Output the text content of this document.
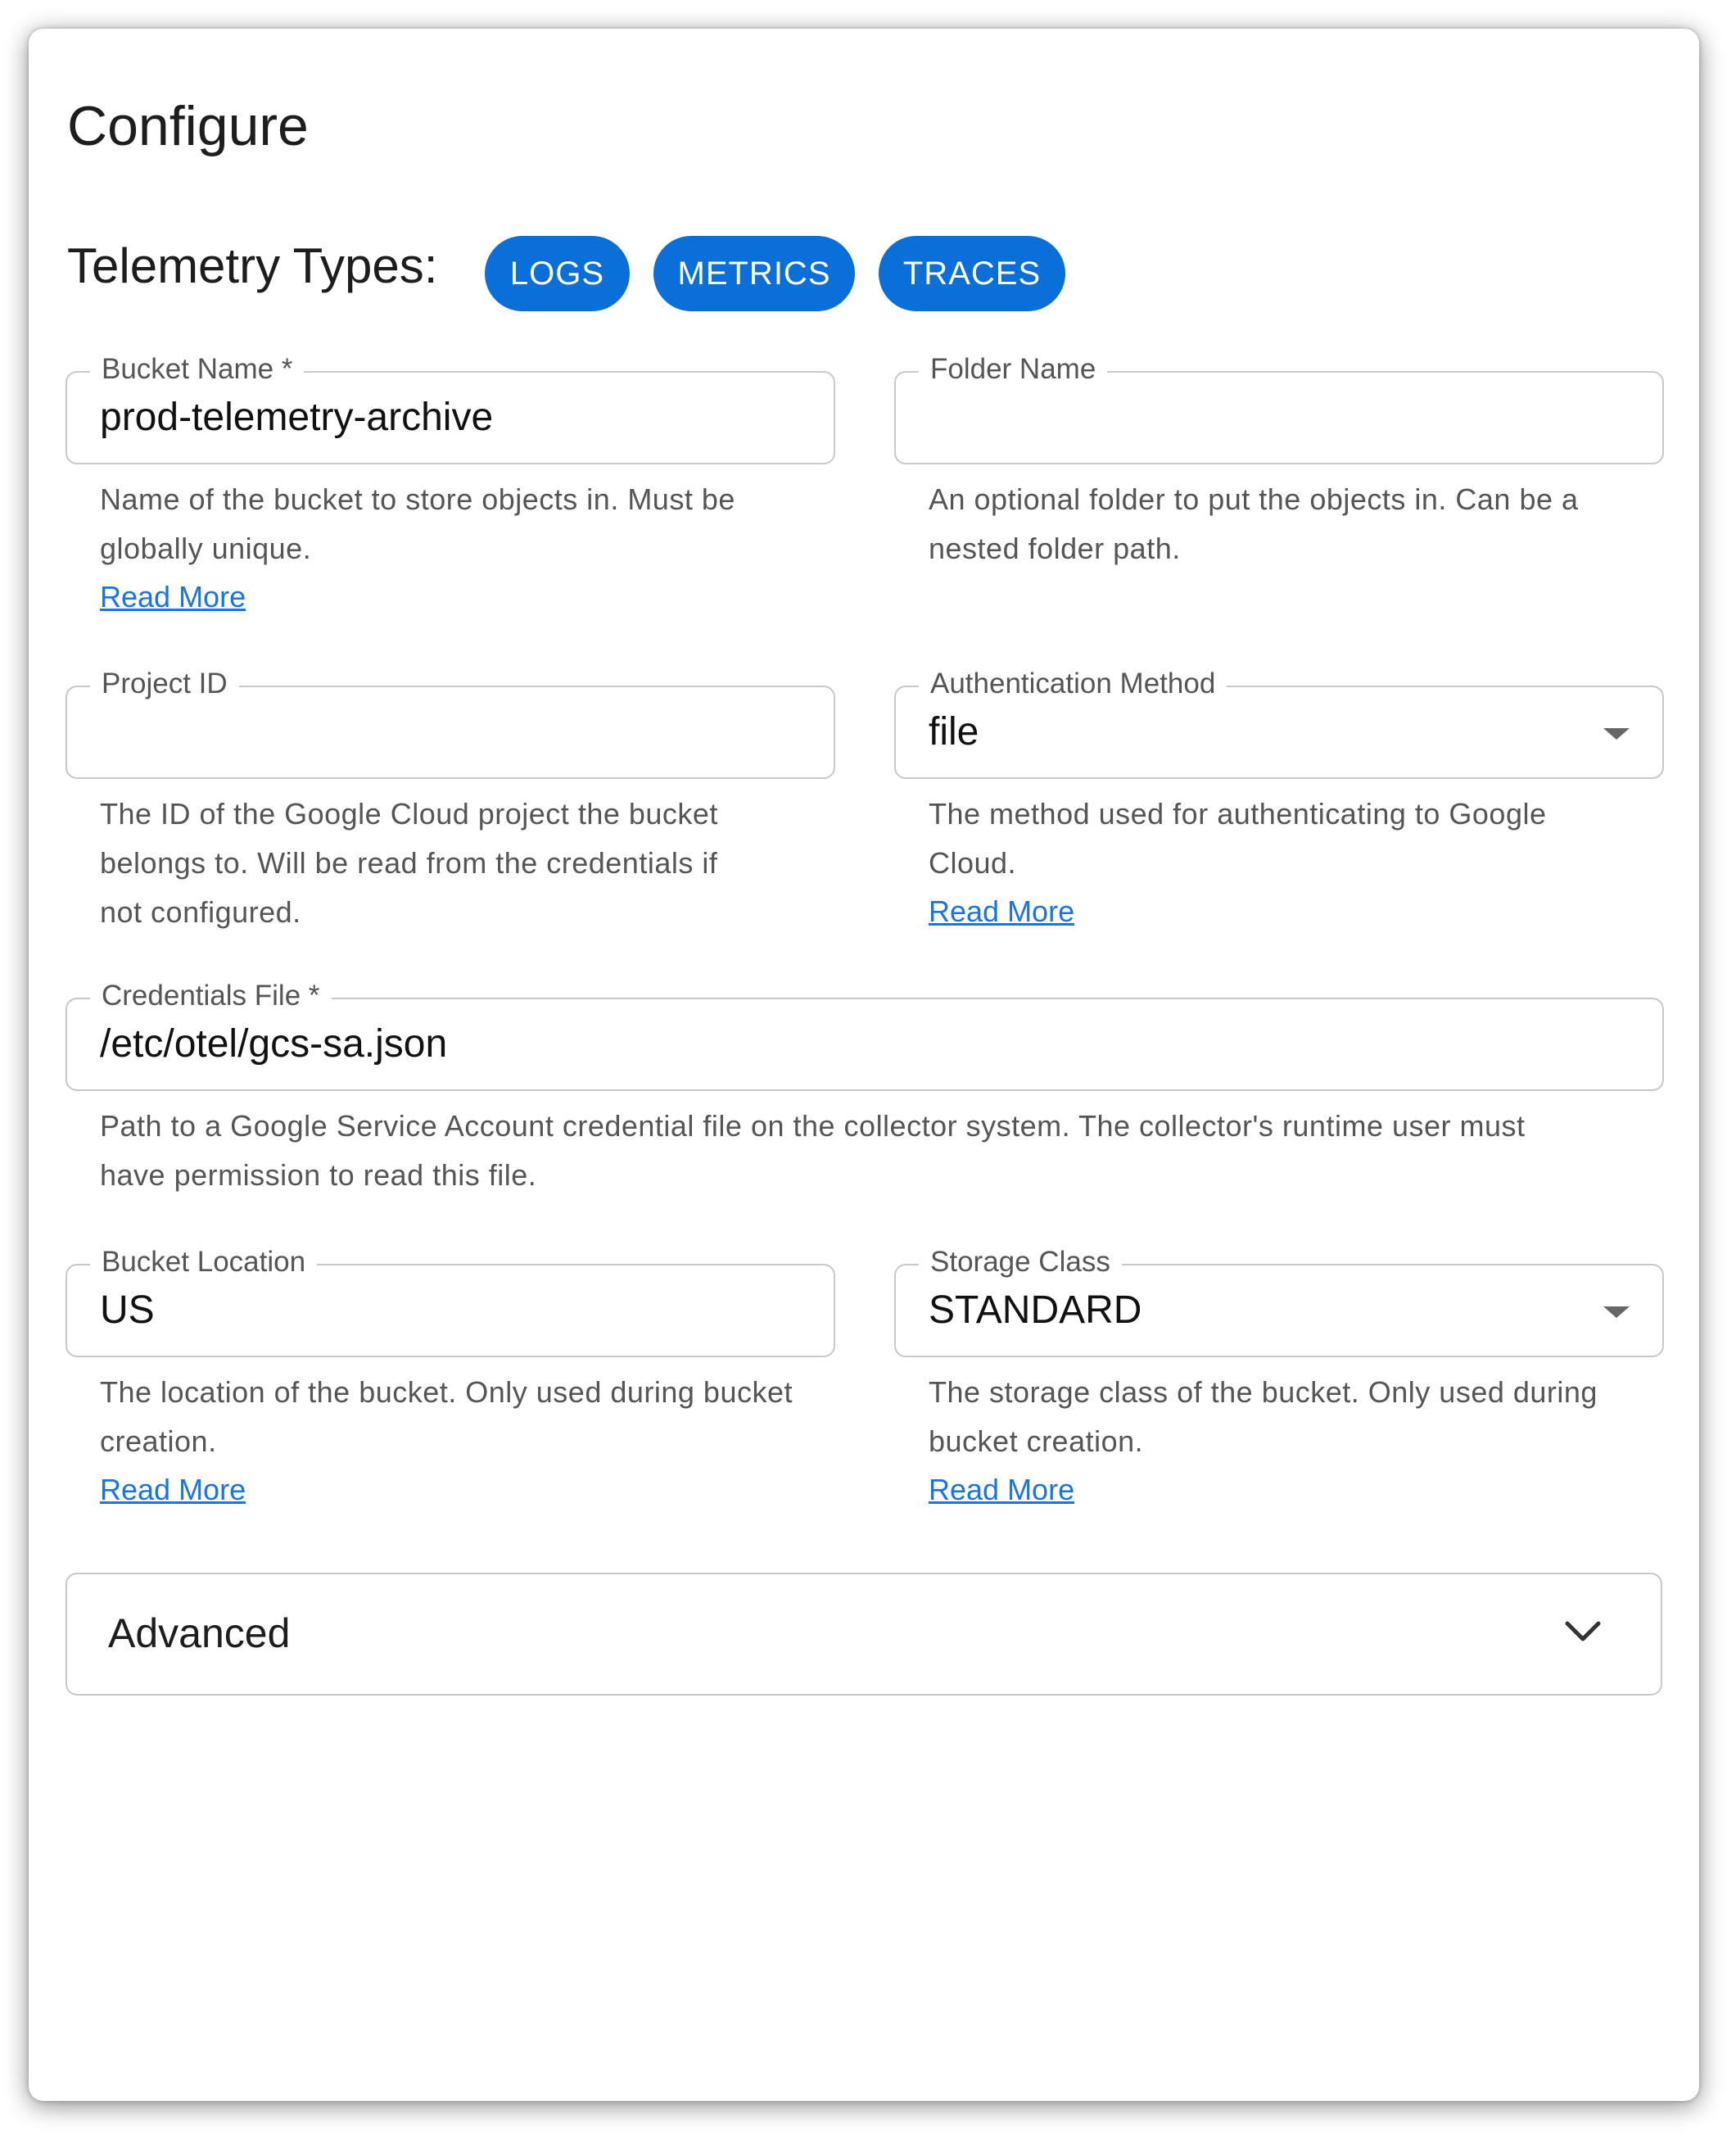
Configure
Telemetry Types:	LOGS	METRICS	TRACES
Bucket Name *
prod-telemetry-archive
Name of the bucket to store objects in. Must be
globally unique.
Read More
Folder Name
An optional folder to put the objects in. Can be a
nested folder path.
Project ID
The ID of the Google Cloud project the bucket
belongs to. Will be read from the credentials if
not configured.
Authentication Method
file
The method used for authenticating to Google
Cloud.
Read More
Credentials File *
/etc/otel/gcs-sa.json
Path to a Google Service Account credential file on the collector system. The collector's runtime user must
have permission to read this file.
Bucket Location
US
The location of the bucket. Only used during bucket
creation.
Read More
Storage Class
STANDARD
The storage class of the bucket. Only used during
bucket creation.
Read More
Advanced
